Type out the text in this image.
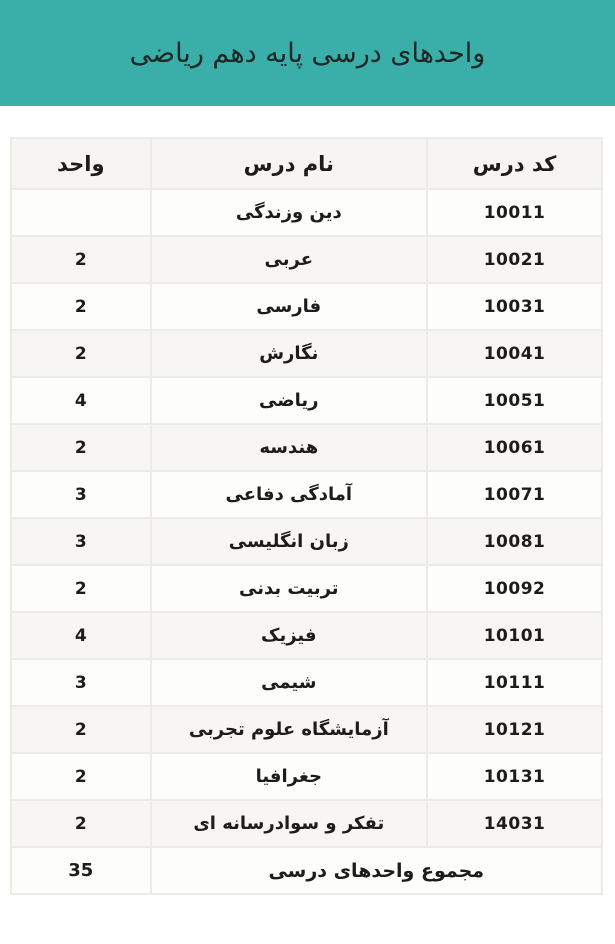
واحدهای درسی پایه دهم ریاضی
کد درس	نام درس	واحد
10011	دین وزندگی	
10021	عربی	2
10031	فارسی	2
10041	نگارش	2
10051	ریاضی	4
10061	هندسه	2
10071	آمادگی دفاعی	3
10081	زبان انگلیسی	3
10092	تربیت بدنی	2
10101	فیزیک	4
10111	شیمی	3
10121	آزمایشگاه علوم تجربی	2
10131	جغرافیا	2
14031	تفکر و سوادرسانه ای	2
مجموع واحدهای درسی		35
